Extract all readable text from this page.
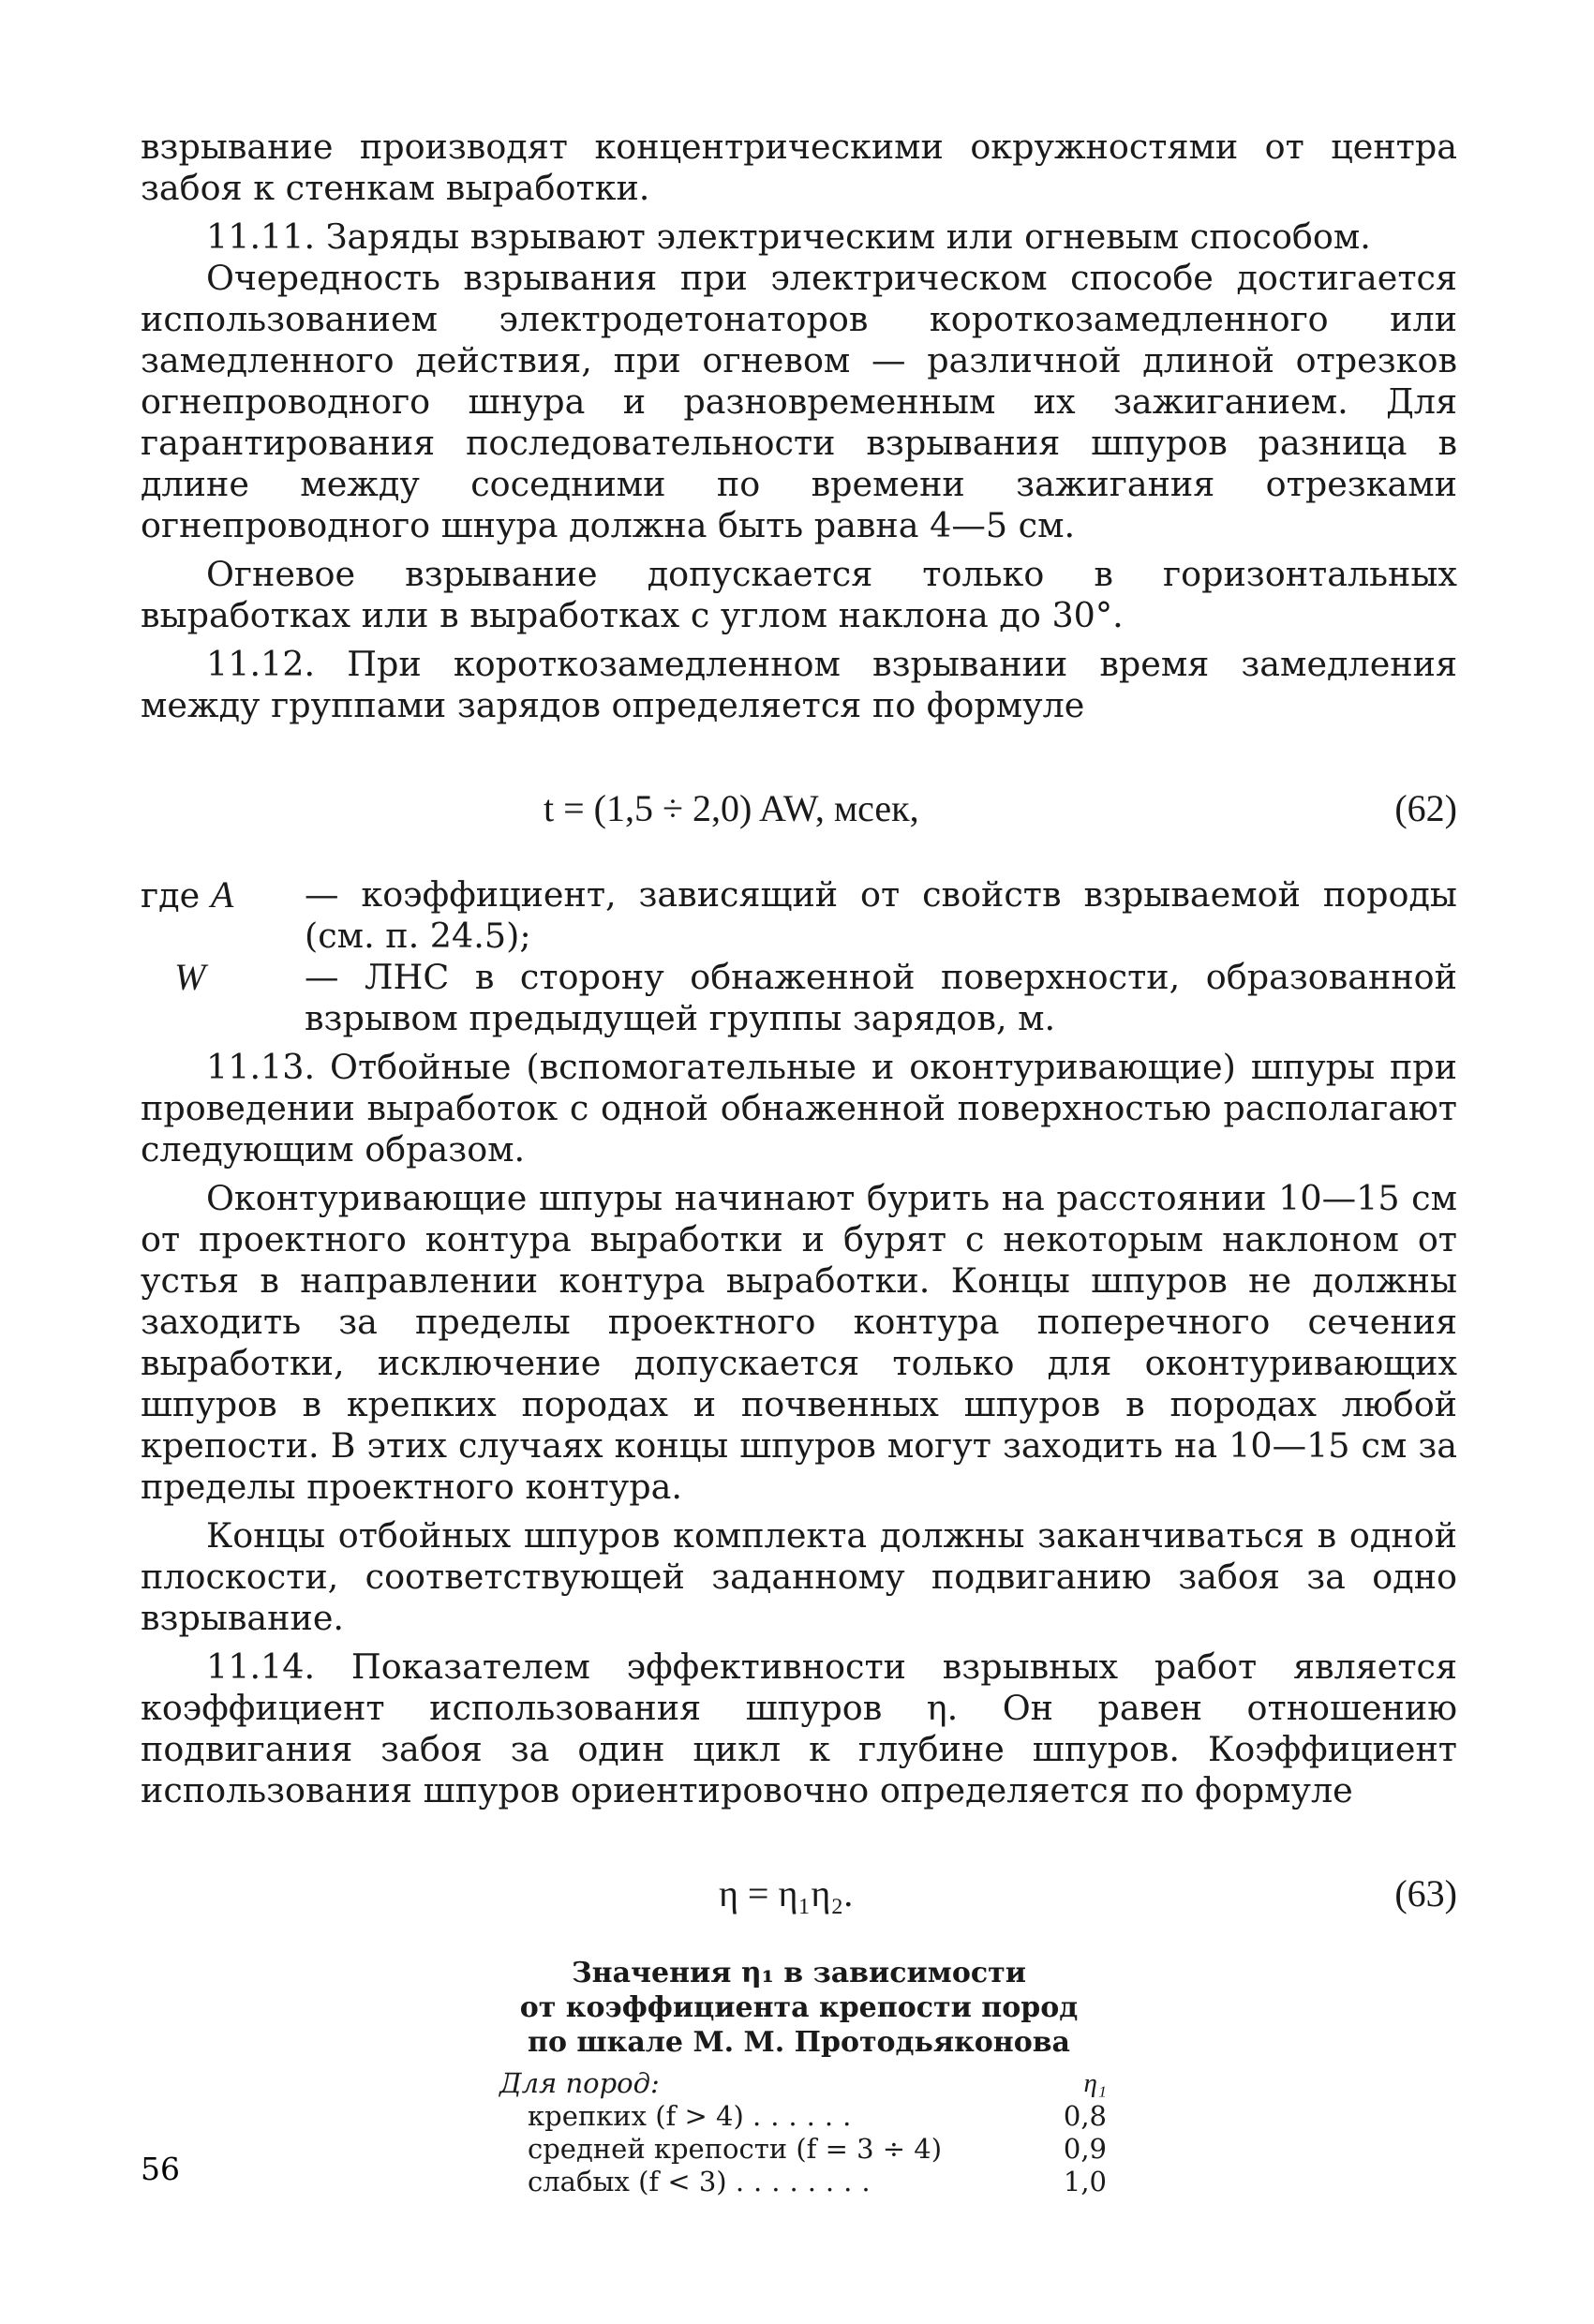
взрывание производят концентрическими окружностями от центра забоя к стенкам выработки.

11.11. Заряды взрывают электрическим или огневым способом.

Очередность взрывания при электрическом способе достигается использованием электродетонаторов короткозамедленного или замедленного действия, при огневом — различной длиной отрезков огнепроводного шнура и разновременным их зажиганием. Для гарантирования последовательности взрывания шпуров разница в длине между соседними по времени зажигания отрезками огнепроводного шнура должна быть равна 4—5 см.

Огневое взрывание допускается только в горизонтальных выработках или в выработках с углом наклона до 30°.

11.12. При короткозамедленном взрывании время замедления между группами зарядов определяется по формуле

t = (1,5 ÷ 2,0) AW, мсек,	(62)
где A	— коэффициент, зависящий от свойств взрываемой породы (см. п. 24.5);
W	— ЛНС в сторону обнаженной поверхности, образованной взрывом предыдущей группы зарядов, м.

11.13. Отбойные (вспомогательные и оконтуривающие) шпуры при проведении выработок с одной обнаженной поверхностью располагают следующим образом.

Оконтуривающие шпуры начинают бурить на расстоянии 10—15 см от проектного контура выработки и бурят с некоторым наклоном от устья в направлении контура выработки. Концы шпуров не должны заходить за пределы проектного контура поперечного сечения выработки, исключение допускается только для оконтуривающих шпуров в крепких породах и почвенных шпуров в породах любой крепости. В этих случаях концы шпуров могут заходить на 10—15 см за пределы проектного контура.

Концы отбойных шпуров комплекта должны заканчиваться в одной плоскости, соответствующей заданному подвиганию забоя за одно взрывание.

11.14. Показателем эффективности взрывных работ является коэффициент использования шпуров η. Он равен отношению подвигания забоя за один цикл к глубине шпуров. Коэффициент использования шпуров ориентировочно определяется по формуле

η = η₁η₂.	(63)
Значения η₁ в зависимости
от коэффициента крепости пород
по шкале М. М. Протодьяконова
Для пород:	η₁
крепких (f > 4) ......	0,8
средней крепости (f = 3 ÷ 4)	0,9
слабых (f < 3) ........	1,0
56
